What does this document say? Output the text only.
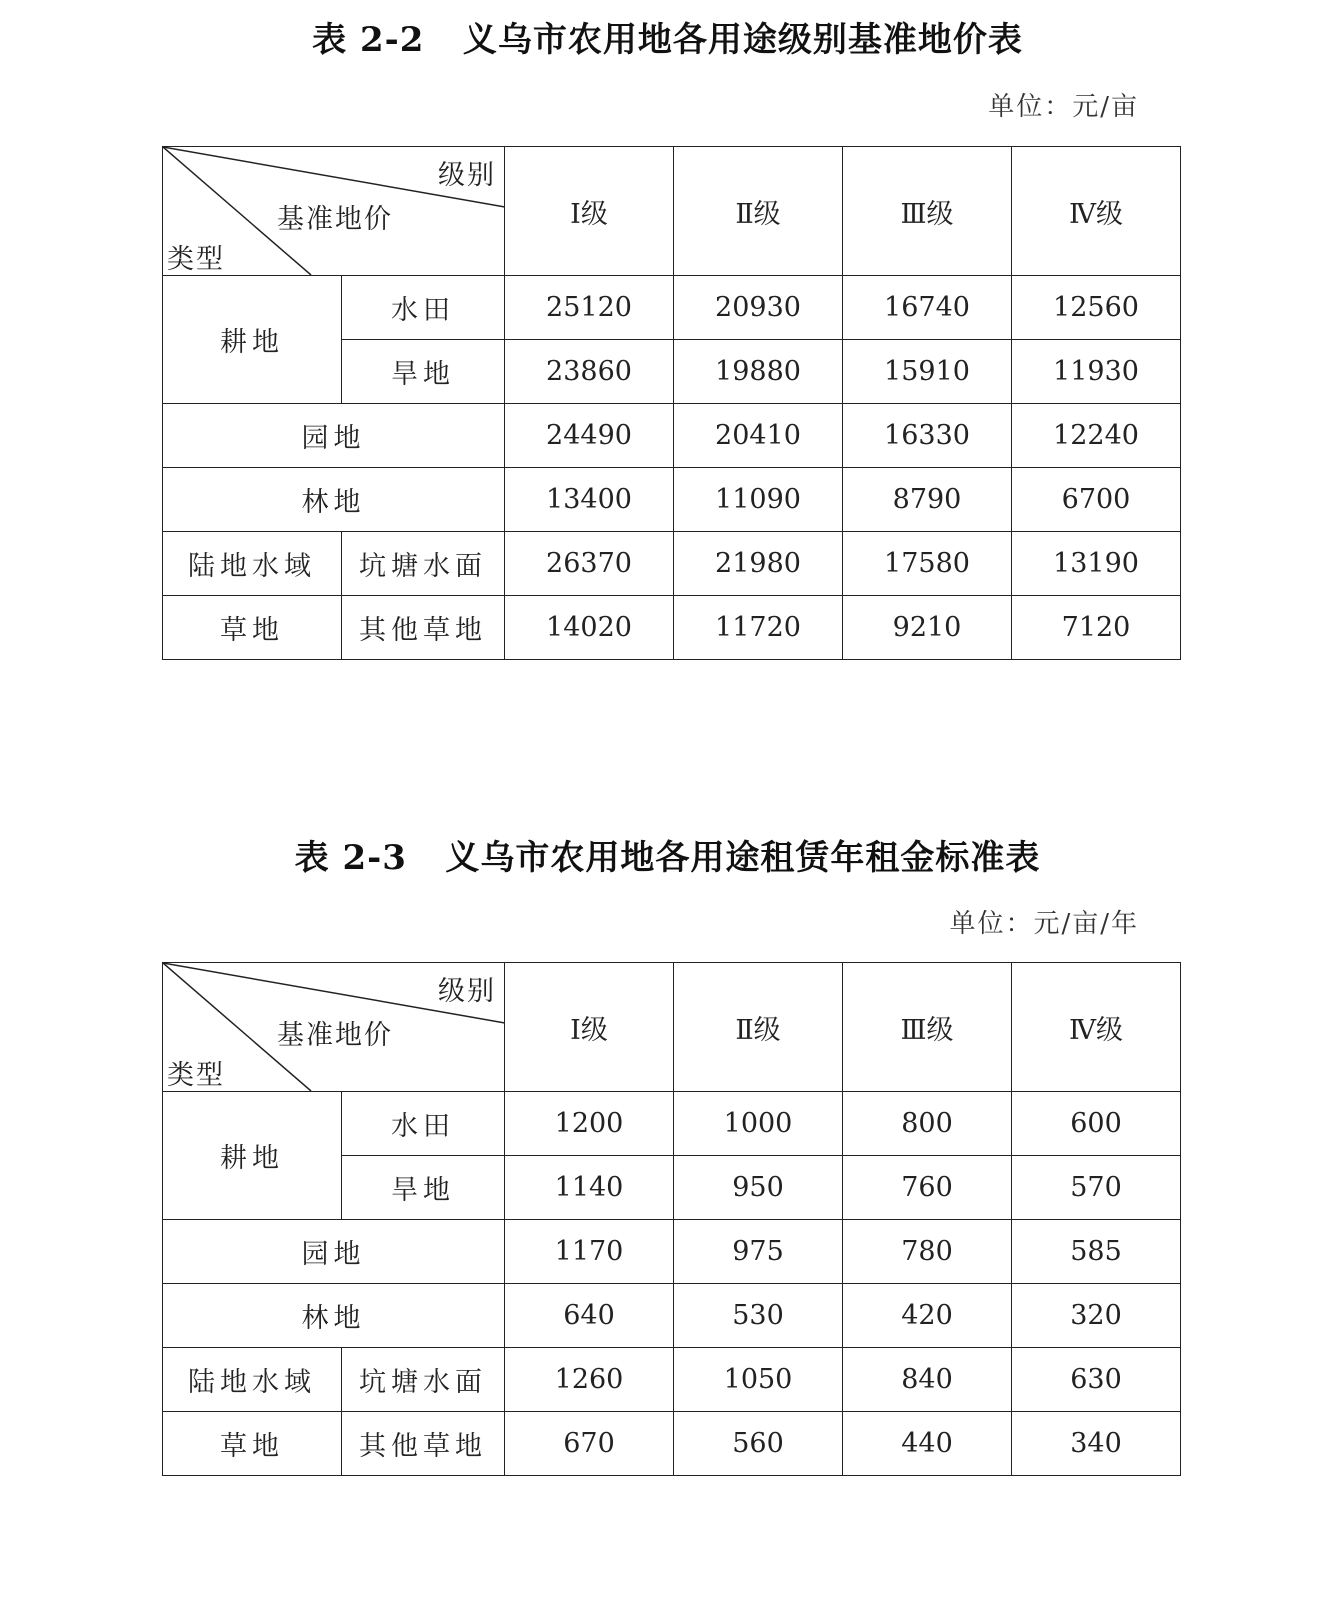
表 2-2   义乌市农用地各用途级别基准地价表
单位：元/亩
级别
基准地价
类型		Ⅰ级	Ⅱ级	Ⅲ级	Ⅳ级
耕地	水田	25120	20930	16740	12560
	旱地	23860	19880	15910	11930
园地		24490	20410	16330	12240
林地		13400	11090	8790	6700
陆地水域	坑塘水面	26370	21980	17580	13190
草地	其他草地	14020	11720	9210	7120
表 2-3   义乌市农用地各用途租赁年租金标准表
单位：元/亩/年
级别
基准地价
类型		Ⅰ级	Ⅱ级	Ⅲ级	Ⅳ级
耕地	水田	1200	1000	800	600
	旱地	1140	950	760	570
园地		1170	975	780	585
林地		640	530	420	320
陆地水域	坑塘水面	1260	1050	840	630
草地	其他草地	670	560	440	340
